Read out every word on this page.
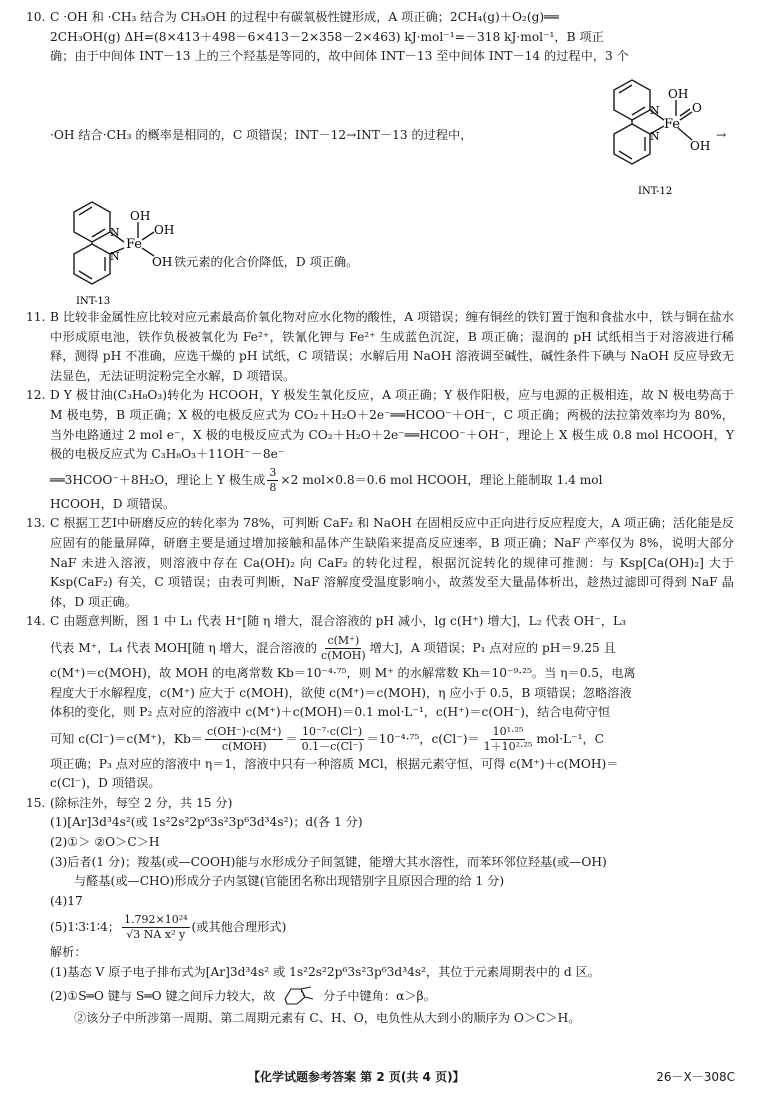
10. C ·OH 和 ·CH₃ 结合为 CH₃OH 的过程中有碳氧极性键形成，A 项正确；2CH₄(g)＋O₂(g)══
2CH₃OH(g) ΔH=(8×413＋498－6×413－2×358－2×463) kJ·mol⁻¹=－318 kJ·mol⁻¹，B 项正
确；由于中间体 INT－13 上的三个羟基是等同的，故中间体 INT－13 至中间体 INT－14 的过程中，3 个
·OH 结合·CH₃ 的概率是相同的，C 项错误；INT－12→INT－13 的过程中，
N
N
Fe
OH
O
OH
INT-12
→
N
N
Fe
OH
OH
OH
INT-13
铁元素的化合价降低，D 项正确。
11. B 比较非金属性应比较对应元素最高价氧化物对应水化物的酸性，A 项错误；缠有铜丝的铁钉置于饱和食盐水中，铁与铜在盐水中形成原电池，铁作负极被氧化为 Fe²⁺，铁氰化钾与 Fe²⁺ 生成蓝色沉淀，B 项正确；湿润的 pH 试纸相当于对溶液进行稀释，测得 pH 不准确，应选干燥的 pH 试纸，C 项错误；水解后用 NaOH 溶液调至碱性，碱性条件下碘与 NaOH 反应导致无法显色，无法证明淀粉完全水解，D 项错误。
12. D Y 极甘油(C₃H₈O₃)转化为 HCOOH，Y 极发生氧化反应，A 项正确；Y 极作阳极，应与电源的正极相连，故 N 极电势高于 M 极电势，B 项正确；X 极的电极反应式为 CO₂＋H₂O＋2e⁻══HCOO⁻＋OH⁻，C 项正确；两极的法拉第效率均为 80%，当外电路通过 2 mol e⁻，X 极的电极反应式为 CO₂＋H₂O＋2e⁻══HCOO⁻＋OH⁻，理论上 X 极生成 0.8 mol HCOOH，Y 极的电极反应式为 C₃H₈O₃＋11OH⁻－8e⁻
══3HCOO⁻＋8H₂O，理论上 Y 极生成 $\frac{3}{8} \times 2$ mol×0.8＝0.6 mol HCOOH，理论上能制取 1.4 mol
HCOOH，D 项错误。
13. C 根据工艺Ⅰ中研磨反应的转化率为 78%，可判断 CaF₂ 和 NaOH 在固相反应中正向进行反应程度大，A 项正确；活化能是反应固有的能量屏障，研磨主要是通过增加接触和晶体产生缺陷来提高反应速率，B 项正确；NaF 产率仅为 8%，说明大部分 NaF 未进入溶液，则溶液中存在 Ca(OH)₂ 向 CaF₂ 的转化过程，根据沉淀转化的规律可推测：与 Ksp[Ca(OH)₂] 大于 Ksp(CaF₂) 有关，C 项错误；由表可判断，NaF 溶解度受温度影响小，故蒸发至大量晶体析出，趁热过滤即可得到 NaF 晶体，D 项正确。
14. C 由题意判断，图 1 中 L₁ 代表 H⁺[随 η 增大，混合溶液的 pH 减小，lg c(H⁺) 增大]，L₂ 代表 OH⁻，L₃
代表 M⁺，L₄ 代表 MOH[随 η 增大，混合溶液的 $\frac{c(M^+)}{\text{c(MOH)}}$ 增大]，A 项错误；P₁ 点对应的 pH＝9.25 且
c(M⁺)＝c(MOH)，故 MOH 的电离常数 Kb＝10⁻⁴·⁷⁵，则 M⁺ 的水解常数 Kh＝10⁻⁹·²⁵。当 η＝0.5，电离
程度大于水解程度，c(M⁺) 应大于 c(MOH)，欲使 c(M⁺)＝c(MOH)，η 应小于 0.5，B 项错误；忽略溶液
体积的变化，则 P₂ 点对应的溶液中 c(M⁺)＋c(MOH)＝0.1 mol·L⁻¹，c(H⁺)＝c(OH⁻)，结合电荷守恒
可知 c(Cl⁻)＝c(M⁺)，$Kb= \frac{c(OH^-)\cdot c(M^+)}{\text{c(MOH)}} = \frac{\text{10⁻⁷·c(Cl⁻)}}{0.1-c(Cl^-)} =10^{-4}\cdot^{75}$，$c(Cl^-)= \frac{\text{10¹·²⁵}}{\text{1＋10²·²⁵}} mol\cdot L^{-1}$，C
项正确；P₃ 点对应的溶液中 η＝1，溶液中只有一种溶质 MCl，根据元素守恒，可得 c(M⁺)＋c(MOH)＝
c(Cl⁻)，D 项错误。
15. (除标注外，每空 2 分，共 15 分)
(1)[Ar]3d³4s²(或 1s²2s²2p⁶3s²3p⁶3d³4s²)；d(各 1 分)
(2)①＞ ②O＞C＞H
(3)后者(1 分)；羧基(或—COOH)能与水形成分子间氢键，能增大其水溶性，而苯环邻位羟基(或—OH)
与醛基(或—CHO)形成分子内氢键(官能团名称出现错别字且原因合理的给 1 分)
(4)17
(5)1∶3∶1∶4； $\frac{\text{1.792×10²⁴}}{\text{√3 NA x² y}}$ (或其他合理形式)
解析：
(1)基态 V 原子电子排布式为[Ar]3d³4s² 或 1s²2s²2p⁶3s²3p⁶3d³4s²，其位于元素周期表中的 d 区。
(2)①S═O 键与 S═O 键之间斥力较大，故	分子中键角：α＞β。
②该分子中所涉第一周期、第二周期元素有 C、H、O，电负性从大到小的顺序为 O＞C＞H。
【化学试题参考答案 第 2 页(共 4 页)】	26－X－308C
